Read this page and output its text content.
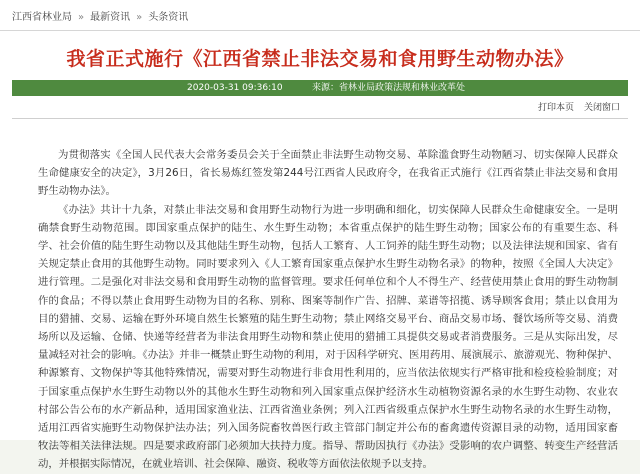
江西省林业局 » 最新资讯 » 头条资讯
我省正式施行《江西省禁止非法交易和食用野生动物办法》
2020-03-31 09:36:10	来源：省林业局政策法规和林业改革处
打印本页 关闭窗口

为贯彻落实《全国人民代表大会常务委员会关于全面禁止非法野生动物交易、革除滥食野生动物陋习、切实保障人民群众生命健康安全的决定》，3月26日，省长易炼红签发第244号江西省人民政府令，在我省正式施行《江西省禁止非法交易和食用野生动物办法》。

《办法》共计十九条，对禁止非法交易和食用野生动物行为进一步明确和细化，切实保障人民群众生命健康安全。一是明确禁食野生动物范围。即国家重点保护的陆生、水生野生动物；本省重点保护的陆生野生动物；国家公布的有重要生态、科学、社会价值的陆生野生动物以及其他陆生野生动物，包括人工繁育、人工饲养的陆生野生动物；以及法律法规和国家、省有关规定禁止食用的其他野生动物。同时要求列入《人工繁育国家重点保护水生野生动物名录》的物种，按照《全国人大决定》进行管理。二是强化对非法交易和食用野生动物的监督管理。要求任何单位和个人不得生产、经营使用禁止食用的野生动物制作的食品；不得以禁止食用野生动物为目的名称、别称、图案等制作广告、招牌、菜谱等招揽、诱导顾客食用；禁止以食用为目的猎捕、交易、运输在野外环境自然生长繁殖的陆生野生动物；禁止网络交易平台、商品交易市场、餐饮场所等交易、消费场所以及运输、仓储、快递等经营者为非法食用野生动物和禁止使用的猎捕工具提供交易或者消费服务。三是从实际出发，尽量减轻对社会的影响。《办法》并非一概禁止野生动物的利用，对于因科学研究、医用药用、展演展示、旅游观光、物种保护、种源繁育、文物保护等其他特殊情况，需要对野生动物进行非食用性利用的，应当依法依规实行严格审批和检疫检验制度；对于国家重点保护水生野生动物以外的其他水生野生动物和列入国家重点保护经济水生动植物资源名录的水生野生动物、农业农村部公告公布的水产新品种，适用国家渔业法、江西省渔业条例；列入江西省级重点保护水生野生动物名录的水生野生动物，适用江西省实施野生动物保护法办法；列入国务院畜牧兽医行政主管部门制定并公布的畜禽遗传资源目录的动物，适用国家畜牧法等相关法律法规。四是要求政府部门必须加大扶持力度。指导、帮助因执行《办法》受影响的农户调整、转变生产经营活动，并根据实际情况，在就业培训、社会保障、融资、税收等方面依法依规予以支持。
